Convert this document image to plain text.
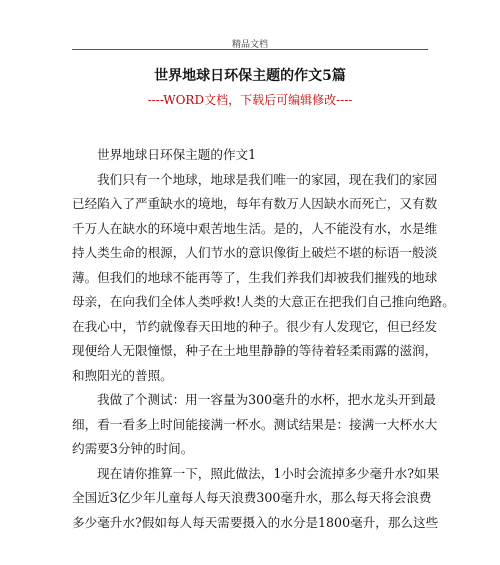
精品文档
世界地球日环保主题的作文5篇
----WORD文档，下载后可编辑修改----
世界地球日环保主题的作文1
我们只有一个地球，地球是我们唯一的家园，现在我们的家园
已经陷入了严重缺水的境地，每年有数万人因缺水而死亡，又有数
千万人在缺水的环境中艰苦地生活。是的，人不能没有水，水是维
持人类生命的根源，人们节水的意识像街上破烂不堪的标语一般淡
薄。但我们的地球不能再等了，生我们养我们却被我们摧残的地球
母亲，在向我们全体人类呼救!人类的大意正在把我们自己推向绝路。
在我心中，节约就像春天田地的种子。很少有人发现它，但已经发
现便给人无限憧憬，种子在土地里静静的等待着轻柔雨露的滋润，
和煦阳光的普照。
我做了个测试：用一容量为300毫升的水杯，把水龙头开到最
细，看一看多上时间能接满一杯水。测试结果是：接满一大杯水大
约需要3分钟的时间。
现在请你推算一下，照此做法，1小时会流掉多少毫升水?如果
全国近3亿少年儿童每人每天浪费300毫升水，那么每天将会浪费
多少毫升水?假如每人每天需要摄入的水分是1800毫升，那么这些
